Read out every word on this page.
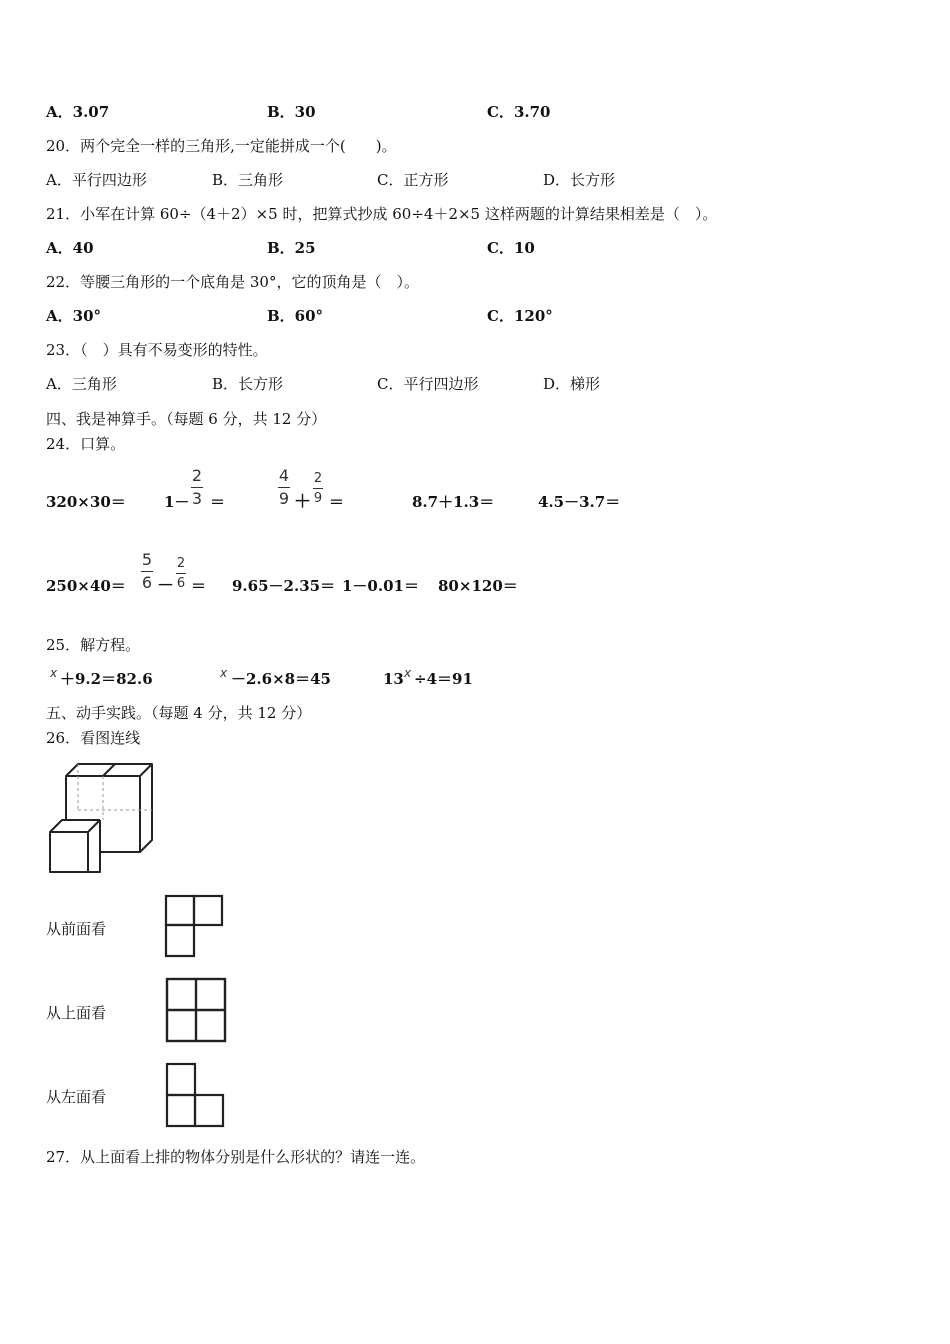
A．3.07	B．30	C．3.70
20．两个完全一样的三角形,一定能拼成一个(　　)。
A．平行四边形	B．三角形	C．正方形	D．长方形
21．小军在计算 60÷（4＋2）×5 时，把算式抄成 60÷4＋2×5 这样两题的计算结果相差是（　）。
A．40	B．25	C．10
22．等腰三角形的一个底角是 30°，它的顶角是（　）。
A．30°	B．60°	C．120°
23．（　）具有不易变形的特性。
A．三角形	B．长方形	C．平行四边形	D．梯形
四、我是神算手。（每题 6 分，共 12 分）
24．口算。
320×30＝	1－
2
3 ＝
4
9 ＋
2
9 ＝	8.7＋1.3＝	4.5－3.7＝
250×40＝
5
6 －
2
6 ＝ 9.65－2.35＝ 1－0.01＝ 80×120＝
25．解方程。
x ＋9.2＝82.6	x －2.6×8＝45	13 x ÷4＝91
五、动手实践。（每题 4 分，共 12 分）
26．看图连线
从前面看
从上面看
从左面看
27．从上面看上排的物体分别是什么形状的？请连一连。
